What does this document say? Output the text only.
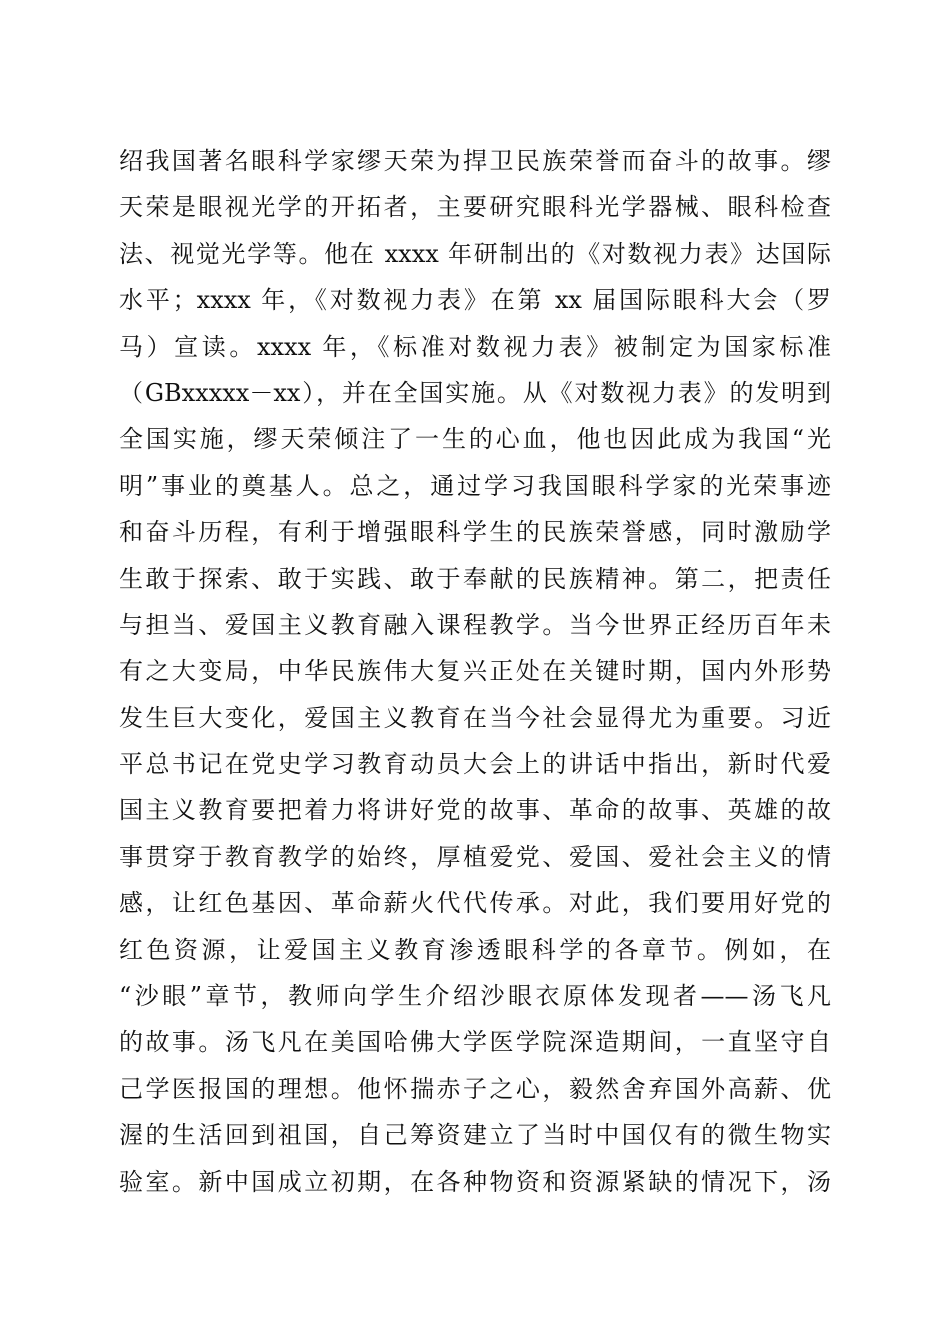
绍我国著名眼科学家缪天荣为捍卫民族荣誉而奋斗的故事。缪
天荣是眼视光学的开拓者，主要研究眼科光学器械、眼科检查
法、视觉光学等。他在 xxxx 年研制出的《对数视力表》达国际
水平；xxxx 年，《对数视力表》在第 xx 届国际眼科大会（罗
马）宣读。xxxx 年，《标准对数视力表》被制定为国家标准
（GBxxxxx－xx），并在全国实施。从《对数视力表》的发明到
全国实施，缪天荣倾注了一生的心血，他也因此成为我国“光
明”事业的奠基人。总之，通过学习我国眼科学家的光荣事迹
和奋斗历程，有利于增强眼科学生的民族荣誉感，同时激励学
生敢于探索、敢于实践、敢于奉献的民族精神。第二，把责任
与担当、爱国主义教育融入课程教学。当今世界正经历百年未
有之大变局，中华民族伟大复兴正处在关键时期，国内外形势
发生巨大变化，爱国主义教育在当今社会显得尤为重要。习近
平总书记在党史学习教育动员大会上的讲话中指出，新时代爱
国主义教育要把着力将讲好党的故事、革命的故事、英雄的故
事贯穿于教育教学的始终，厚植爱党、爱国、爱社会主义的情
感，让红色基因、革命薪火代代传承。对此，我们要用好党的
红色资源，让爱国主义教育渗透眼科学的各章节。例如，在
“沙眼”章节，教师向学生介绍沙眼衣原体发现者——汤飞凡
的故事。汤飞凡在美国哈佛大学医学院深造期间，一直坚守自
己学医报国的理想。他怀揣赤子之心，毅然舍弃国外高薪、优
渥的生活回到祖国，自己筹资建立了当时中国仅有的微生物实
验室。新中国成立初期，在各种物资和资源紧缺的情况下，汤
